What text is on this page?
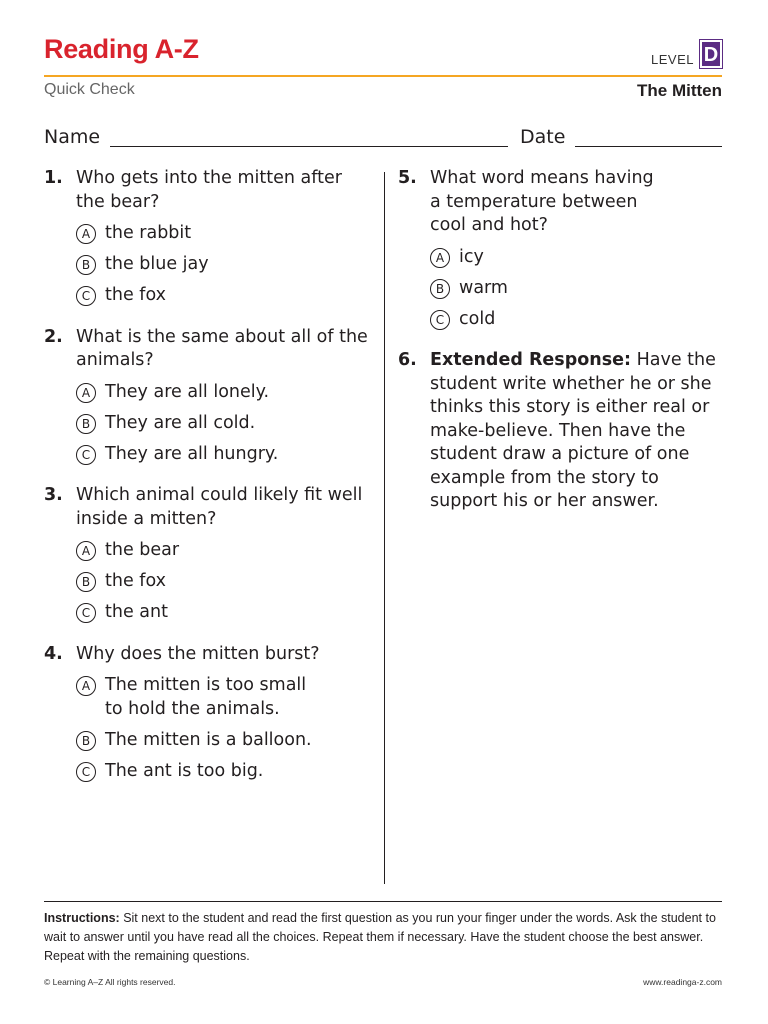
Reading A-Z	LEVEL D
Quick Check	The Mitten
Name	Date
1. Who gets into the mitten after the bear?
A the rabbit
B the blue jay
C the fox
2. What is the same about all of the animals?
A They are all lonely.
B They are all cold.
C They are all hungry.
3. Which animal could likely fit well inside a mitten?
A the bear
B the fox
C the ant
4. Why does the mitten burst?
A The mitten is too small to hold the animals.
B The mitten is a balloon.
C The ant is too big.
5. What word means having a temperature between cool and hot?
A icy
B warm
C cold
6. Extended Response: Have the student write whether he or she thinks this story is either real or make-believe. Then have the student draw a picture of one example from the story to support his or her answer.
Instructions: Sit next to the student and read the first question as you run your finger under the words. Ask the student to wait to answer until you have read all the choices. Repeat them if necessary. Have the student choose the best answer. Repeat with the remaining questions.
© Learning A–Z All rights reserved.	www.readinga-z.com
